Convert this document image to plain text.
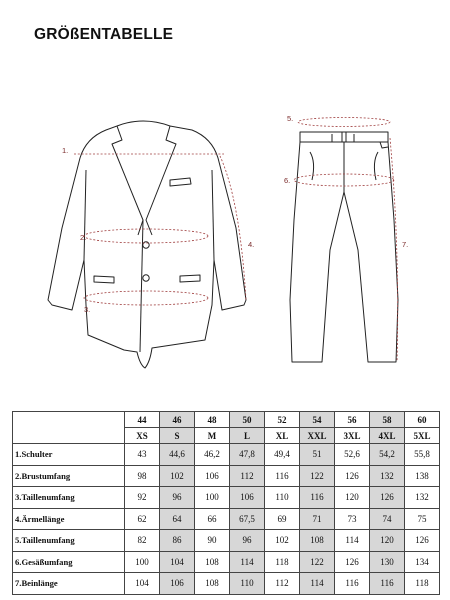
GRÖßENTABELLE
1.
2.
3.
4.
5.
6.
7.
	44	46	48	50	52	54	56	58	60
	XS	S	M	L	XL	XXL	3XL	4XL	5XL
1.Schulter	43	44,6	46,2	47,8	49,4	51	52,6	54,2	55,8
2.Brustumfang	98	102	106	112	116	122	126	132	138
3.Taillenumfang	92	96	100	106	110	116	120	126	132
4.Ärmellänge	62	64	66	67,5	69	71	73	74	75
5.Taillenumfang	82	86	90	96	102	108	114	120	126
6.Gesäßumfang	100	104	108	114	118	122	126	130	134
7.Beinlänge	104	106	108	110	112	114	116	116	118
